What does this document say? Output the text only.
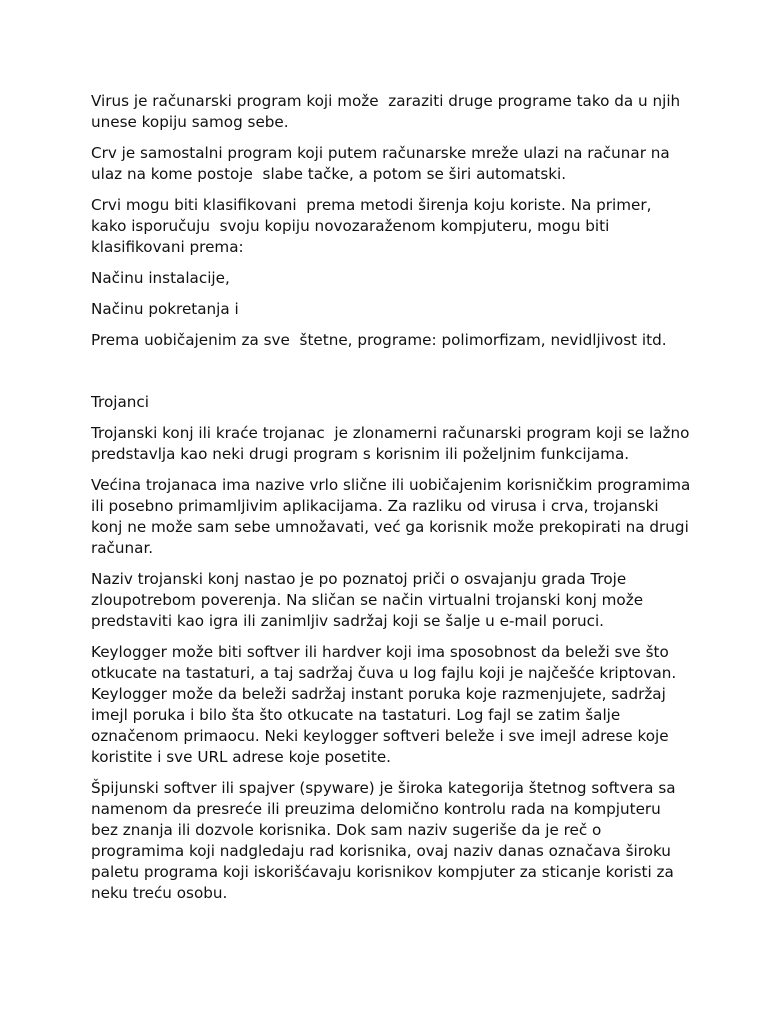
Virus je računarski program koji može  zaraziti druge programe tako da u njih unese kopiju samog sebe.

Crv je samostalni program koji putem računarske mreže ulazi na računar na ulaz na kome postoje  slabe tačke, a potom se širi automatski.

Crvi mogu biti klasifikovani  prema metodi širenja koju koriste. Na primer, kako isporučuju  svoju kopiju novozaraženom kompjuteru, mogu biti klasifikovani prema:

Načinu instalacije,

Načinu pokretanja i

Prema uobičajenim za sve  štetne, programe: polimorfizam, nevidljivost itd.

Trojanci

Trojanski konj ili kraće trojanac  je zlonamerni računarski program koji se lažno predstavlja kao neki drugi program s korisnim ili poželjnim funkcijama.

Većina trojanaca ima nazive vrlo slične ili uobičajenim korisničkim programima ili posebno primamljivim aplikacijama. Za razliku od virusa i crva, trojanski konj ne može sam sebe umnožavati, već ga korisnik može prekopirati na drugi računar.

Naziv trojanski konj nastao je po poznatoj priči o osvajanju grada Troje zloupotrebom poverenja. Na sličan se način virtualni trojanski konj može predstaviti kao igra ili zanimljiv sadržaj koji se šalje u e-mail poruci.

Keylogger može biti softver ili hardver koji ima sposobnost da beleži sve što otkucate na tastaturi, a taj sadržaj čuva u log fajlu koji je najčešće kriptovan. Keylogger može da beleži sadržaj instant poruka koje razmenjujete, sadržaj imejl poruka i bilo šta što otkucate na tastaturi. Log fajl se zatim šalje označenom primaocu. Neki keylogger softveri beleže i sve imejl adrese koje koristite i sve URL adrese koje posetite.

Špijunski softver ili spajver (spyware) je široka kategorija štetnog softvera sa namenom da presreće ili preuzima delomično kontrolu rada na kompjuteru bez znanja ili dozvole korisnika. Dok sam naziv sugeriše da je reč o programima koji nadgledaju rad korisnika, ovaj naziv danas označava široku paletu programa koji iskorišćavaju korisnikov kompjuter za sticanje koristi za neku treću osobu.
